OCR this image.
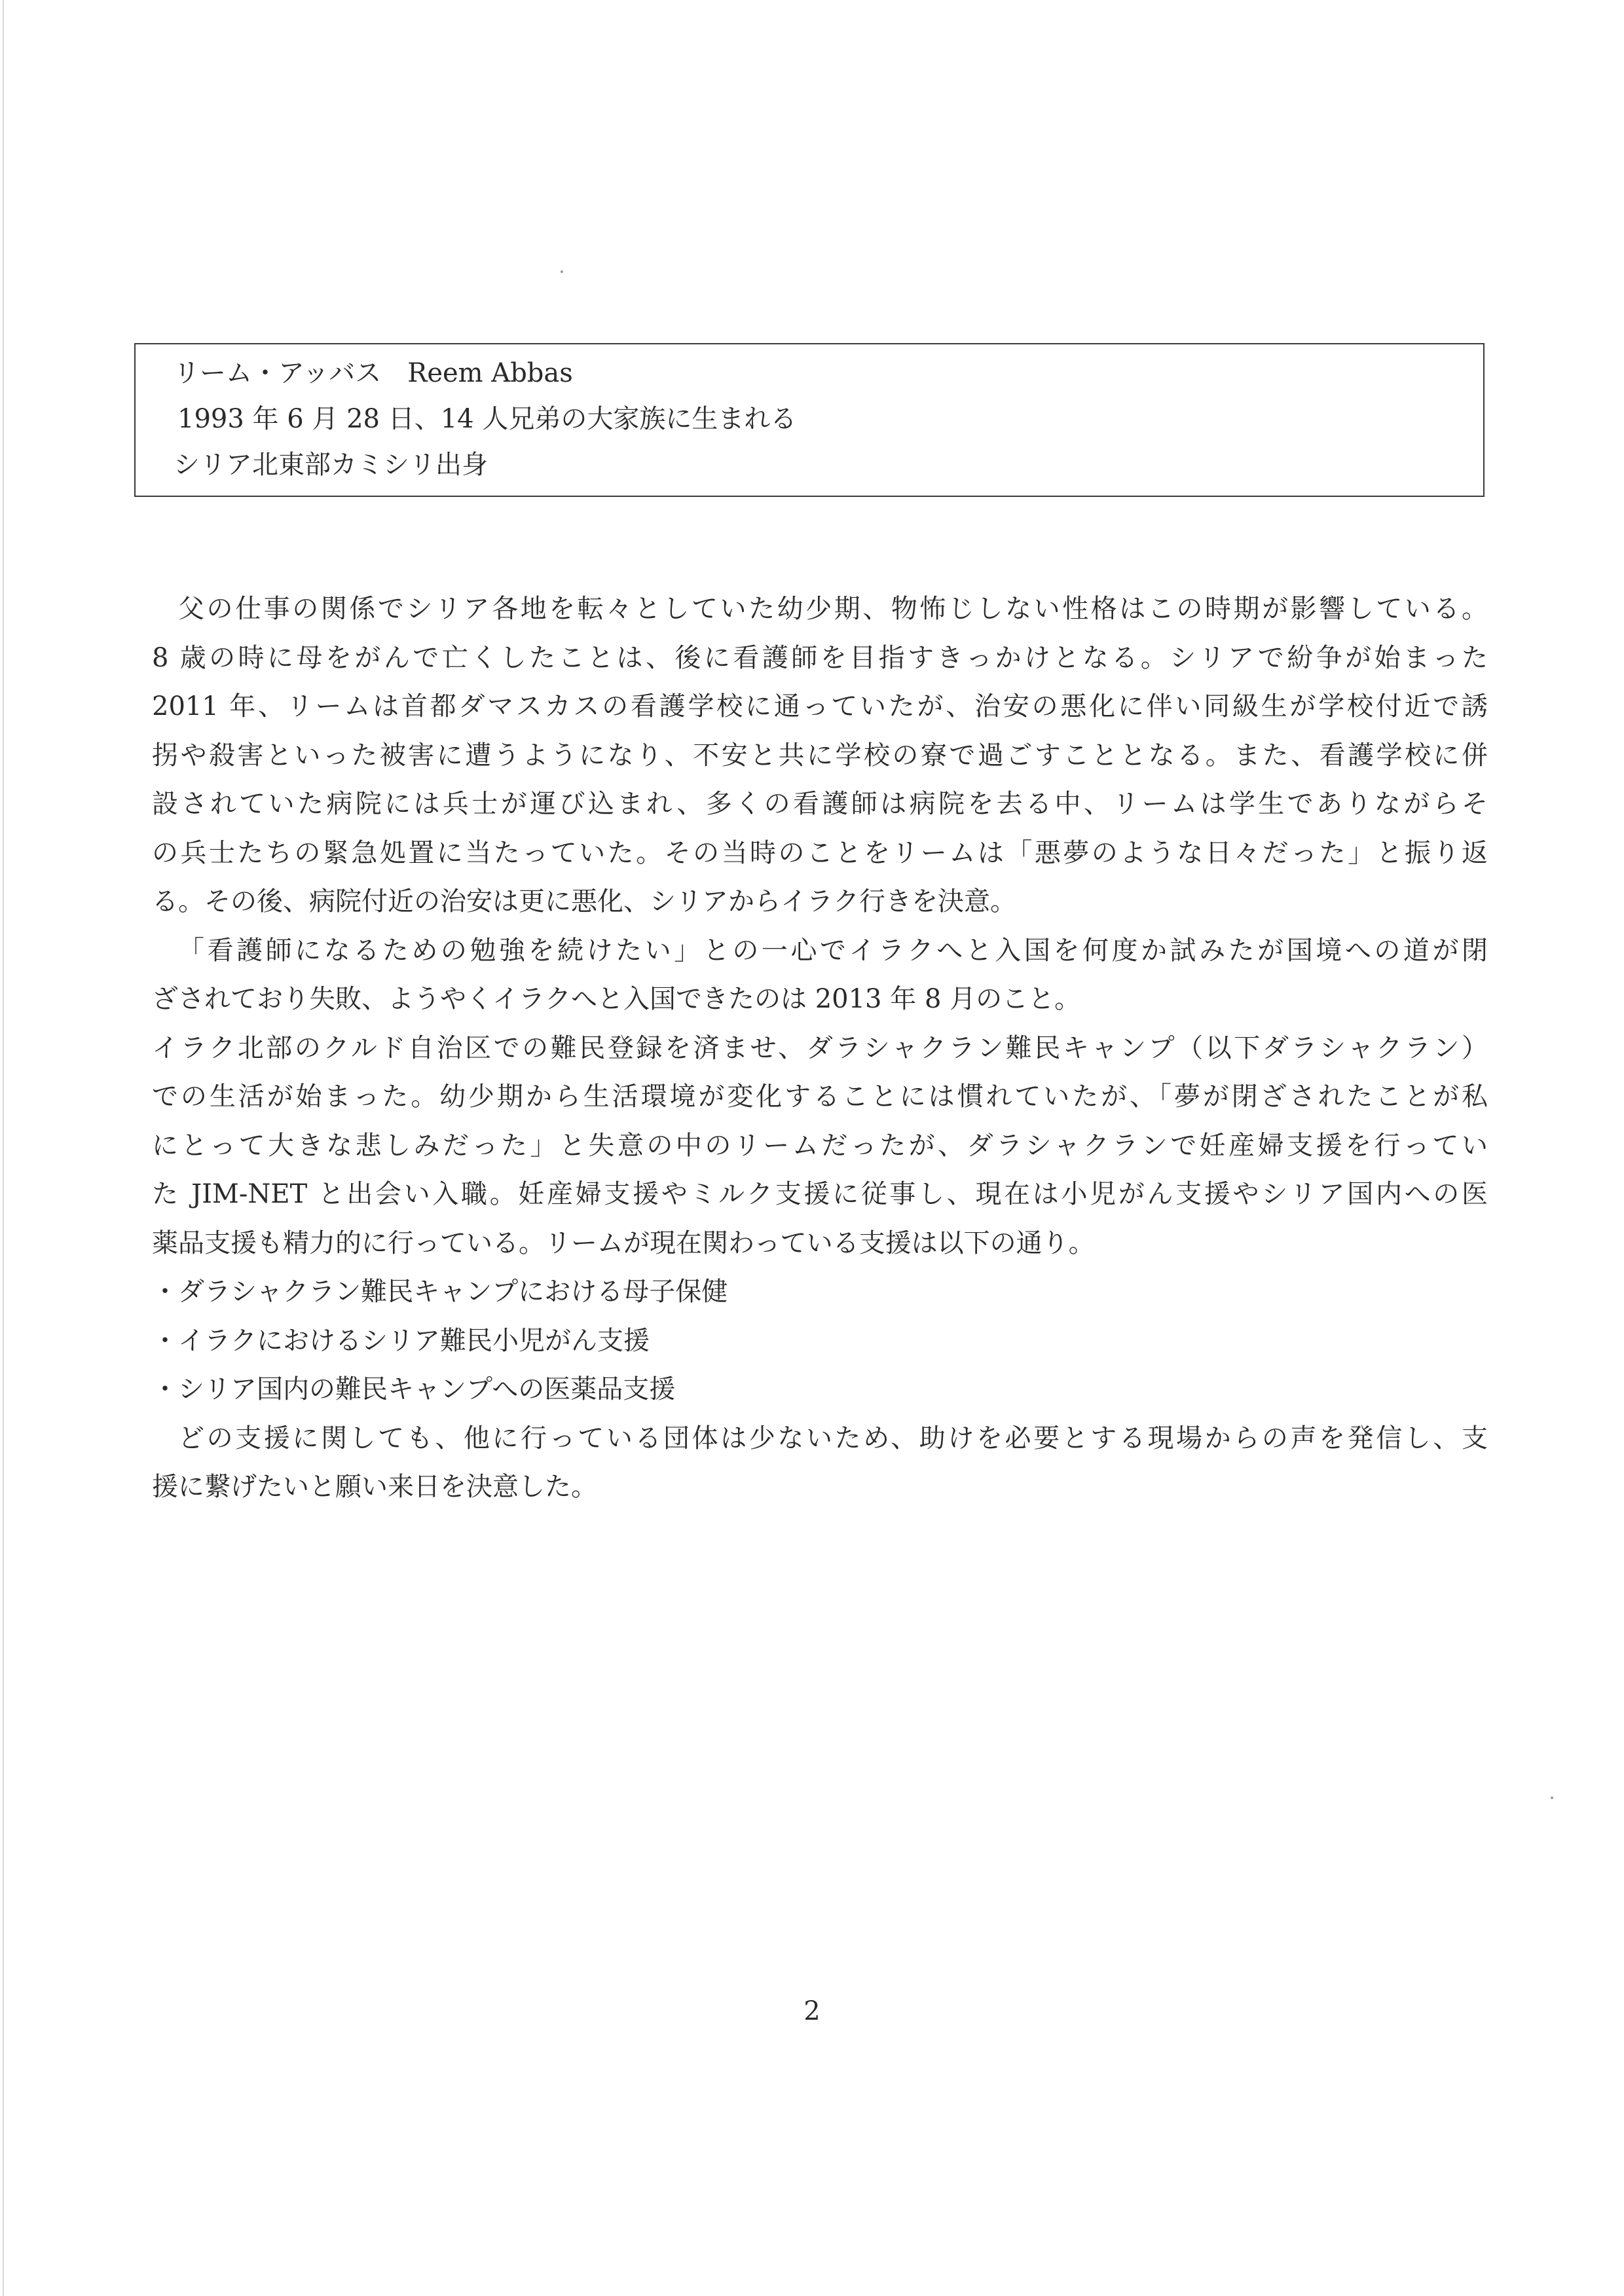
リーム・アッバス Reem Abbas
1993 年 6 月 28 日、14 人兄弟の大家族に生まれる
シリア北東部カミシリ出身
父の仕事の関係でシリア各地を転々としていた幼少期、物怖じしない性格はこの時期が影響している。
8 歳の時に母をがんで亡くしたことは、後に看護師を目指すきっかけとなる。シリアで紛争が始まった
2011 年、リームは首都ダマスカスの看護学校に通っていたが、治安の悪化に伴い同級生が学校付近で誘
拐や殺害といった被害に遭うようになり、不安と共に学校の寮で過ごすこととなる。また、看護学校に併
設されていた病院には兵士が運び込まれ、多くの看護師は病院を去る中、リームは学生でありながらそ
の兵士たちの緊急処置に当たっていた。その当時のことをリームは「悪夢のような日々だった」と振り返
る。その後、病院付近の治安は更に悪化、シリアからイラク行きを決意。
「看護師になるための勉強を続けたい」との一心でイラクへと入国を何度か試みたが国境への道が閉
ざされており失敗、ようやくイラクへと入国できたのは 2013 年 8 月のこと。
イラク北部のクルド自治区での難民登録を済ませ、ダラシャクラン難民キャンプ（以下ダラシャクラン）
での生活が始まった。幼少期から生活環境が変化することには慣れていたが、「夢が閉ざされたことが私
にとって大きな悲しみだった」と失意の中のリームだったが、ダラシャクランで妊産婦支援を行ってい
た JIM-NET と出会い入職。妊産婦支援やミルク支援に従事し、現在は小児がん支援やシリア国内への医
薬品支援も精力的に行っている。リームが現在関わっている支援は以下の通り。
・ダラシャクラン難民キャンプにおける母子保健
・イラクにおけるシリア難民小児がん支援
・シリア国内の難民キャンプへの医薬品支援
どの支援に関しても、他に行っている団体は少ないため、助けを必要とする現場からの声を発信し、支
援に繋げたいと願い来日を決意した。
2
